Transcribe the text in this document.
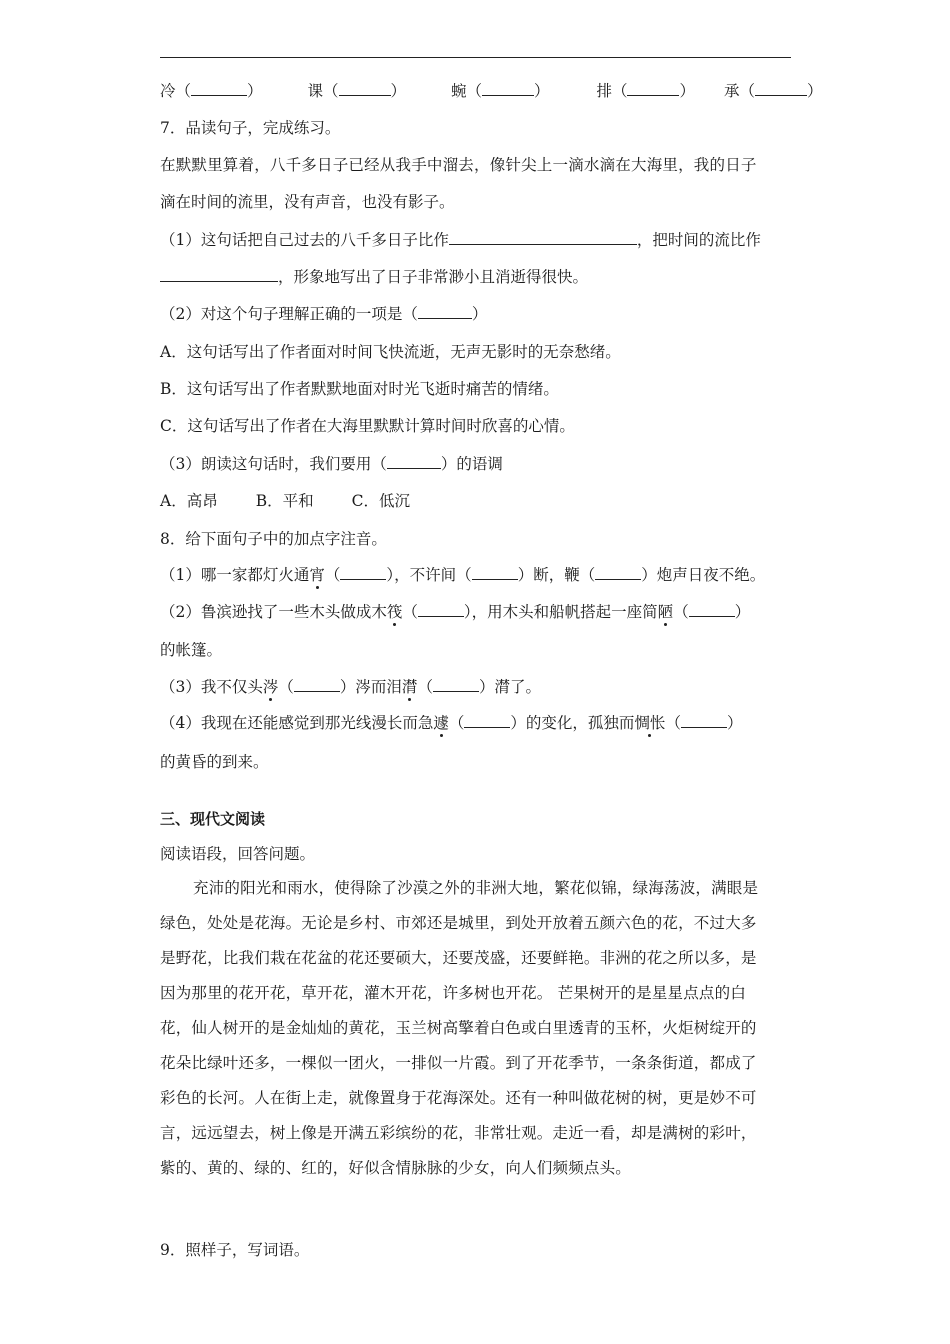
冷（	）	课（	）	蜿（	）	排（	） 承（	）
7．品读句子，完成练习。
在默默里算着，八千多日子已经从我手中溜去，像针尖上一滴水滴在大海里，我的日子
滴在时间的流里，没有声音，也没有影子。
（1）这句话把自己过去的八千多日子比作	，把时间的流比作
，形象地写出了日子非常渺小且消逝得很快。
（2）对这个句子理解正确的一项是（	）
A．这句话写出了作者面对时间飞快流逝，无声无影时的无奈愁绪。
B．这句话写出了作者默默地面对时光飞逝时痛苦的情绪。
C．这句话写出了作者在大海里默默计算时间时欣喜的心情。
（3）朗读这句话时，我们要用（	）的语调
A．高昂 B．平和 C．低沉
8．给下面句子中的加点字注音。
（1）哪一家都灯火通宵（	），不许间（	）断，鞭（	）炮声日夜不绝。
（2）鲁滨逊找了一些木头做成木筏（	），用木头和船帆搭起一座简陋（	）
的帐篷。
（3）我不仅头涔（	）涔而泪潸（	）潸了。
（4）我现在还能感觉到那光线漫长而急遽（	）的变化，孤独而惆怅（	）
的黄昏的到来。
三、现代文阅读
阅读语段，回答问题。
充沛的阳光和雨水，使得除了沙漠之外的非洲大地，繁花似锦，绿海荡波，满眼是
绿色，处处是花海。无论是乡村、市郊还是城里，到处开放着五颜六色的花，不过大多
是野花，比我们栽在花盆的花还要硕大，还要茂盛，还要鲜艳。非洲的花之所以多，是
因为那里的花开花，草开花，灌木开花，许多树也开花。 芒果树开的是星星点点的白
花，仙人树开的是金灿灿的黄花，玉兰树高擎着白色或白里透青的玉杯，火炬树绽开的
花朵比绿叶还多，一棵似一团火，一排似一片霞。到了开花季节，一条条街道，都成了
彩色的长河。人在街上走，就像置身于花海深处。还有一种叫做花树的树，更是妙不可
言，远远望去，树上像是开满五彩缤纷的花，非常壮观。走近一看，却是满树的彩叶，
紫的、黄的、绿的、红的，好似含情脉脉的少女，向人们频频点头。
9．照样子，写词语。
